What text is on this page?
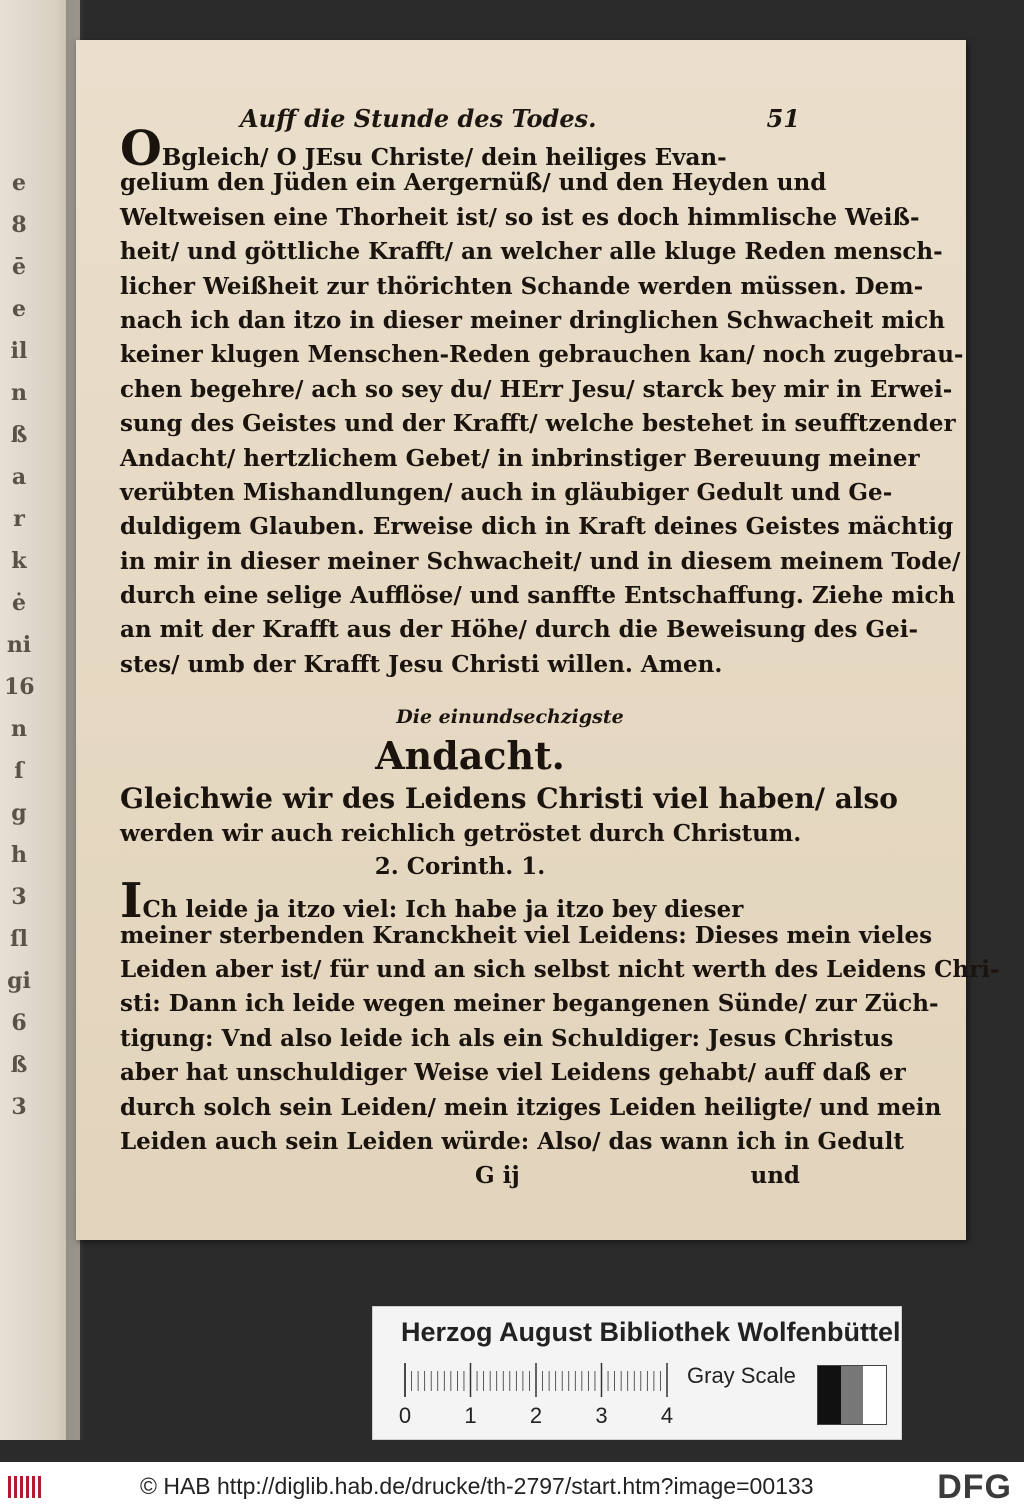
e
8
ē
e
il
n
ß
a
r
k
ė
ni
16
n
ſ
g
h
3
ſl
gi
6
ß
3
Auff die Stunde des Todes.	51
OBgleich/ O JEsu Christe/ dein heiliges Evan-
gelium den Jüden ein Aergernüß/ und den Heyden und
Weltweisen eine Thorheit ist/ so ist es doch himmlische Weiß-
heit/ und göttliche Krafft/ an welcher alle kluge Reden mensch-
licher Weißheit zur thörichten Schande werden müssen. Dem-
nach ich dan itzo in dieser meiner dringlichen Schwacheit mich
keiner klugen Menschen-Reden gebrauchen kan/ noch zugebrau-
chen begehre/ ach so sey du/ HErr Jesu/ starck bey mir in Erwei-
sung des Geistes und der Krafft/ welche bestehet in seufftzender
Andacht/ hertzlichem Gebet/ in inbrinstiger Bereuung meiner
verübten Mishandlungen/ auch in gläubiger Gedult und Ge-
duldigem Glauben. Erweise dich in Kraft deines Geistes mächtig
in mir in dieser meiner Schwacheit/ und in diesem meinem Tode/
durch eine selige Aufflöse/ und sanffte Entschaffung. Ziehe mich
an mit der Krafft aus der Höhe/ durch die Beweisung des Gei-
stes/ umb der Krafft Jesu Christi willen. Amen.
Die einundsechzigste
Andacht.
Gleichwie wir des Leidens Christi viel haben/ also
werden wir auch reichlich getröstet durch Christum.
2. Corinth. 1.
ICh leide ja itzo viel: Ich habe ja itzo bey dieser
meiner sterbenden Kranckheit viel Leidens: Dieses mein vieles
Leiden aber ist/ für und an sich selbst nicht werth des Leidens Chri-
sti: Dann ich leide wegen meiner begangenen Sünde/ zur Züch-
tigung: Vnd also leide ich als ein Schuldiger: Jesus Christus
aber hat unschuldiger Weise viel Leidens gehabt/ auff daß er
durch solch sein Leiden/ mein itziges Leiden heiligte/ und mein
Leiden auch sein Leiden würde: Also/ das wann ich in Gedult
G ij	und
Herzog August Bibliothek Wolfenbüttel
0 1 2 3 4
Gray Scale
© HAB http://diglib.hab.de/drucke/th-2797/start.htm?image=00133	DFG
